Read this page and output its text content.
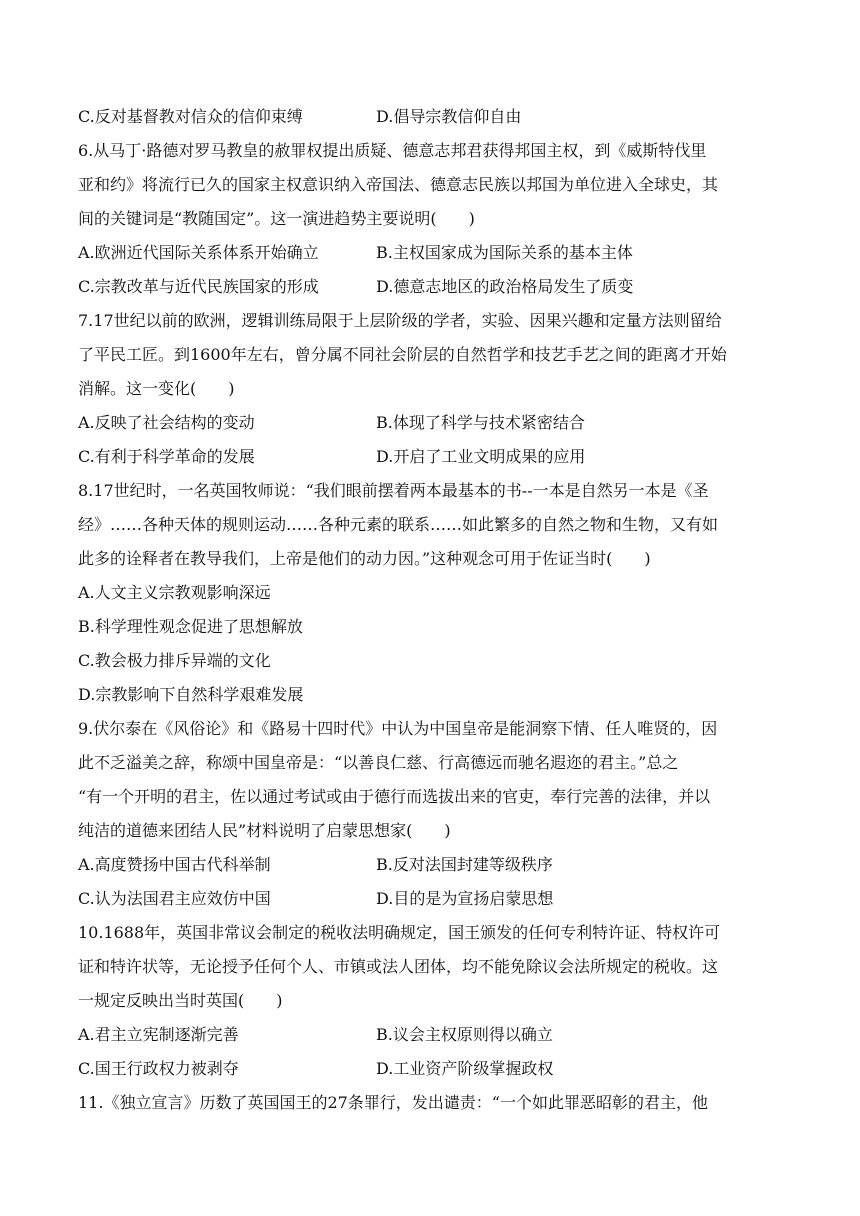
C.反对基督教对信众的信仰束缚	D.倡导宗教信仰自由
6.从马丁·路德对罗马教皇的赦罪权提出质疑、德意志邦君获得邦国主权，到《威斯特伐里
亚和约》将流行已久的国家主权意识纳入帝国法、德意志民族以邦国为单位进入全球史，其
间的关键词是“教随国定”。这一演进趋势主要说明(　　)
A.欧洲近代国际关系体系开始确立	B.主权国家成为国际关系的基本主体
C.宗教改革与近代民族国家的形成	D.德意志地区的政治格局发生了质变
7.17世纪以前的欧洲，逻辑训练局限于上层阶级的学者，实验、因果兴趣和定量方法则留给
了平民工匠。到1600年左右，曾分属不同社会阶层的自然哲学和技艺手艺之间的距离才开始
消解。这一变化(　　)
A.反映了社会结构的变动	B.体现了科学与技术紧密结合
C.有利于科学革命的发展	D.开启了工业文明成果的应用
8.17世纪时，一名英国牧师说：“我们眼前摆着两本最基本的书--一本是自然另一本是《圣
经》……各种天体的规则运动……各种元素的联系……如此繁多的自然之物和生物，又有如
此多的诠释者在教导我们，上帝是他们的动力因。”这种观念可用于佐证当时(　　)
A.人文主义宗教观影响深远
B.科学理性观念促进了思想解放
C.教会极力排斥异端的文化
D.宗教影响下自然科学艰难发展
9.伏尔泰在《风俗论》和《路易十四时代》中认为中国皇帝是能洞察下情、任人唯贤的，因
此不乏溢美之辞，称颂中国皇帝是：“以善良仁慈、行高德远而驰名遐迩的君主。”总之
“有一个开明的君主，佐以通过考试或由于德行而选拔出来的官吏，奉行完善的法律，并以
纯洁的道德来团结人民”材料说明了启蒙思想家(　　)
A.高度赞扬中国古代科举制	B.反对法国封建等级秩序
C.认为法国君主应效仿中国	D.目的是为宣扬启蒙思想
10.1688年，英国非常议会制定的税收法明确规定，国王颁发的任何专利特许证、特权许可
证和特许状等，无论授予任何个人、市镇或法人团体，均不能免除议会法所规定的税收。这
一规定反映出当时英国(　　)
A.君主立宪制逐渐完善	B.议会主权原则得以确立
C.国王行政权力被剥夺	D.工业资产阶级掌握政权
11.《独立宣言》历数了英国国王的27条罪行，发出谴责：“一个如此罪恶昭彰的君主，他
